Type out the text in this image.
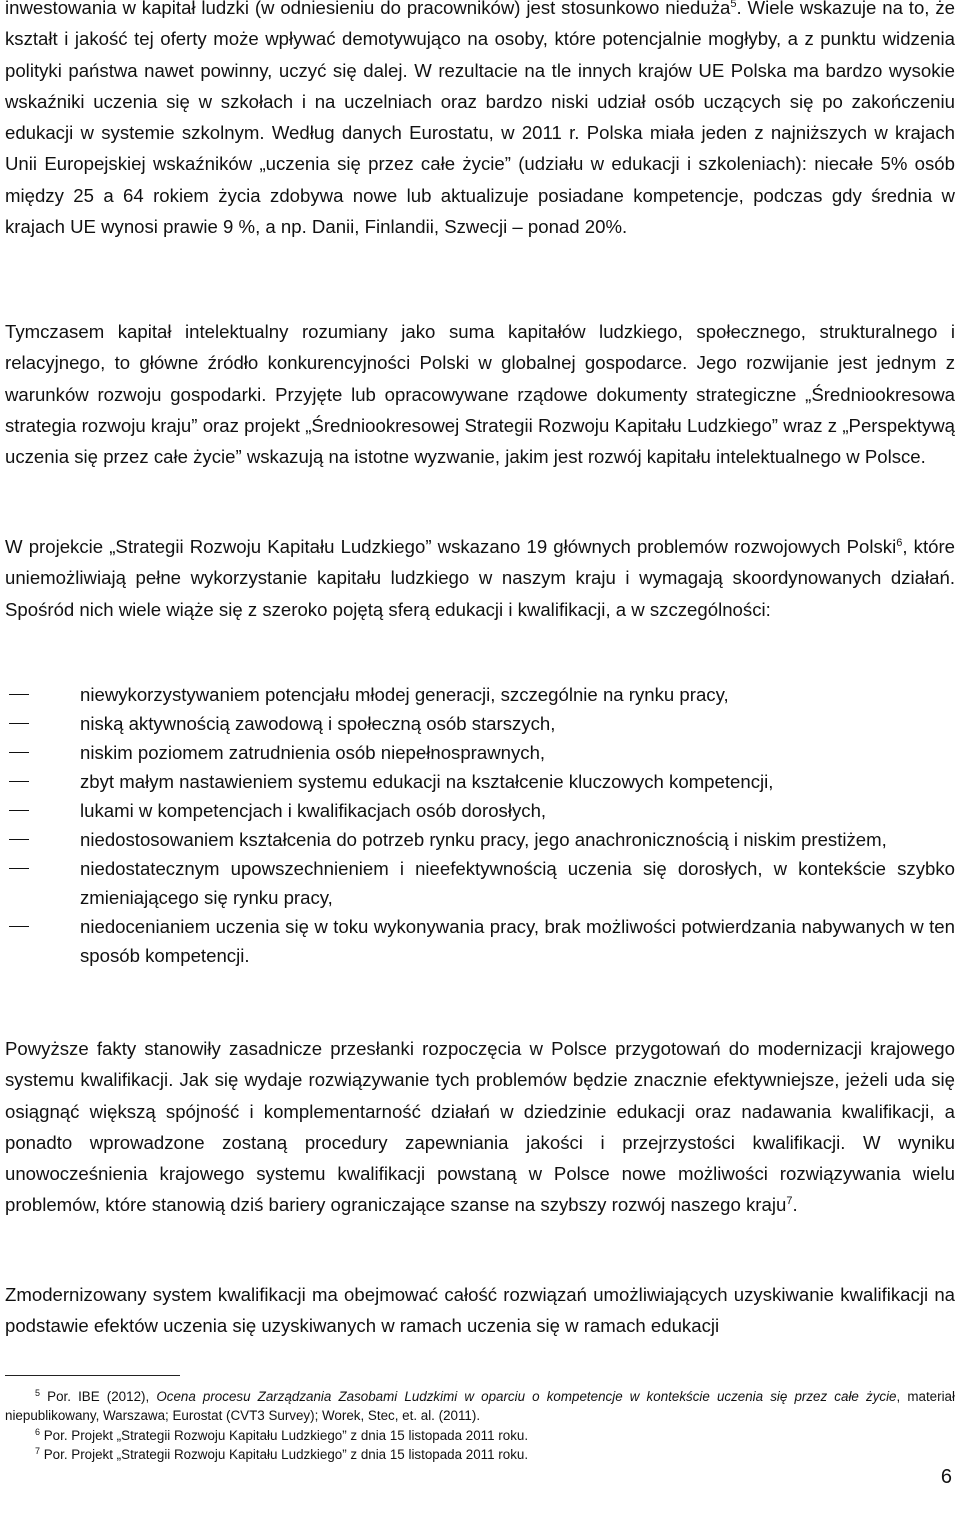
inwestowania w kapitał ludzki (w odniesieniu do pracowników) jest stosunkowo nieduża$^5$. Wiele wskazuje na to, że kształt i jakość tej oferty może wpływać demotywująco na osoby, które potencjalnie mogłyby, a z punktu widzenia polityki państwa nawet powinny, uczyć się dalej. W rezultacie na tle innych krajów UE Polska ma bardzo wysokie wskaźniki uczenia się w szkołach i na uczelniach oraz bardzo niski udział osób uczących się po zakończeniu edukacji w systemie szkolnym. Według danych Eurostatu, w 2011 r. Polska miała jeden z najniższych w krajach Unii Europejskiej wskaźników „uczenia się przez całe życie” (udziału w edukacji i szkoleniach): niecałe 5% osób między 25 a 64 rokiem życia zdobywa nowe lub aktualizuje posiadane kompetencje, podczas gdy średnia w krajach UE wynosi prawie 9 %, a np. Danii, Finlandii, Szwecji – ponad 20%.

Tymczasem kapitał intelektualny rozumiany jako suma kapitałów ludzkiego, społecznego, strukturalnego i relacyjnego, to główne źródło konkurencyjności Polski w globalnej gospodarce. Jego rozwijanie jest jednym z warunków rozwoju gospodarki. Przyjęte lub opracowywane rządowe dokumenty strategiczne „Średniookresowa strategia rozwoju kraju” oraz projekt „Średniookresowej Strategii Rozwoju Kapitału Ludzkiego” wraz z „Perspektywą uczenia się przez całe życie” wskazują na istotne wyzwanie, jakim jest rozwój kapitału intelektualnego w Polsce.

W projekcie „Strategii Rozwoju Kapitału Ludzkiego” wskazano 19 głównych problemów rozwojowych Polski$^6$, które uniemożliwiają pełne wykorzystanie kapitału ludzkiego w naszym kraju i wymagają skoordynowanych działań. Spośród nich wiele wiąże się z szeroko pojętą sferą edukacji i kwalifikacji, a w szczególności:

niewykorzystywaniem potencjału młodej generacji, szczególnie na rynku pracy,
niską aktywnością zawodową i społeczną osób starszych,
niskim poziomem zatrudnienia osób niepełnosprawnych,
zbyt małym nastawieniem systemu edukacji na kształcenie kluczowych kompetencji,
lukami w kompetencjach i kwalifikacjach osób dorosłych,
niedostosowaniem kształcenia do potrzeb rynku pracy, jego anachronicznością i niskim prestiżem,
niedostatecznym upowszechnieniem i nieefektywnością uczenia się dorosłych, w kontekście szybko zmieniającego się rynku pracy,
niedocenianiem uczenia się w toku wykonywania pracy, brak możliwości potwierdzania nabywanych w ten sposób kompetencji.

Powyższe fakty stanowiły zasadnicze przesłanki rozpoczęcia w Polsce przygotowań do modernizacji krajowego systemu kwalifikacji. Jak się wydaje rozwiązywanie tych problemów będzie znacznie efektywniejsze, jeżeli uda się osiągnąć większą spójność i komplementarność działań w dziedzinie edukacji oraz nadawania kwalifikacji, a ponadto wprowadzone zostaną procedury zapewniania jakości i przejrzystości kwalifikacji. W wyniku unowocześnienia krajowego systemu kwalifikacji powstaną w Polsce nowe możliwości rozwiązywania wielu problemów, które stanowią dziś bariery ograniczające szanse na szybszy rozwój naszego kraju$^7$.

Zmodernizowany system kwalifikacji ma obejmować całość rozwiązań umożliwiających uzyskiwanie kwalifikacji na podstawie efektów uczenia się uzyskiwanych w ramach uczenia się w ramach edukacji

$^5$ Por. IBE (2012), Ocena procesu Zarządzania Zasobami Ludzkimi w oparciu o kompetencje w kontekście uczenia się przez całe życie, materiał niepublikowany, Warszawa; Eurostat (CVT3 Survey); Worek, Stec, et. al. (2011).

$^6$ Por. Projekt „Strategii Rozwoju Kapitału Ludzkiego” z dnia 15 listopada 2011 roku.

$^7$ Por. Projekt „Strategii Rozwoju Kapitału Ludzkiego” z dnia 15 listopada 2011 roku.

6
